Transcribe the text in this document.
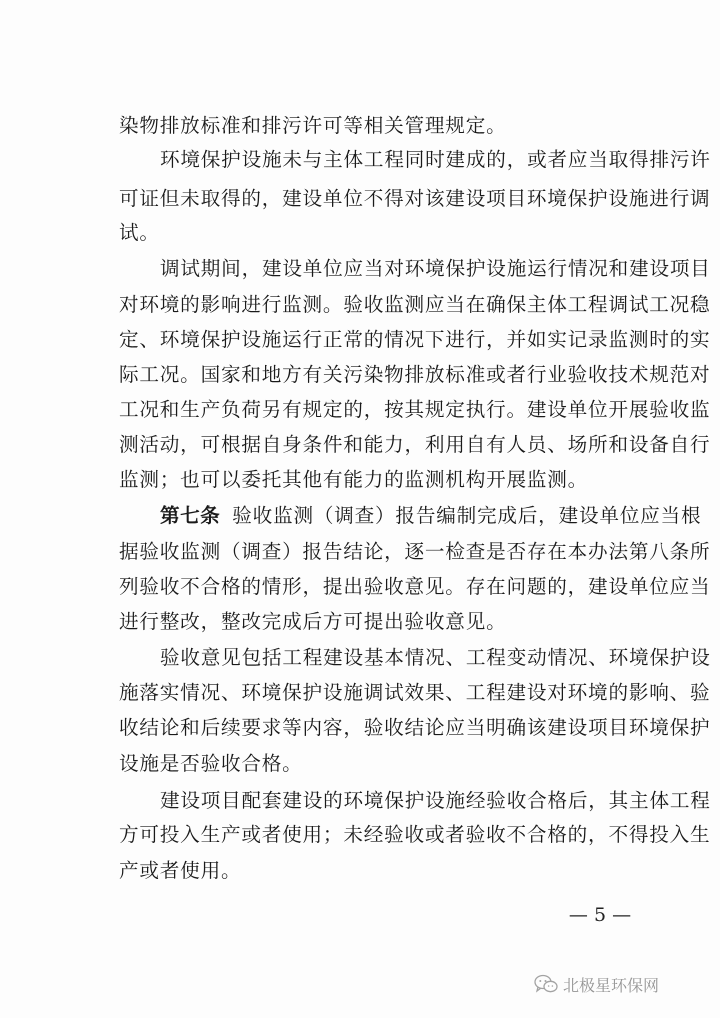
染物排放标准和排污许可等相关管理规定。
环境保护设施未与主体工程同时建成的，或者应当取得排污许
可证但未取得的，建设单位不得对该建设项目环境保护设施进行调
试。
调试期间，建设单位应当对环境保护设施运行情况和建设项目
对环境的影响进行监测。验收监测应当在确保主体工程调试工况稳
定、环境保护设施运行正常的情况下进行，并如实记录监测时的实
际工况。国家和地方有关污染物排放标准或者行业验收技术规范对
工况和生产负荷另有规定的，按其规定执行。建设单位开展验收监
测活动，可根据自身条件和能力，利用自有人员、场所和设备自行
监测；也可以委托其他有能力的监测机构开展监测。
第七条 验收监测（调查）报告编制完成后，建设单位应当根
据验收监测（调查）报告结论，逐一检查是否存在本办法第八条所
列验收不合格的情形，提出验收意见。存在问题的，建设单位应当
进行整改，整改完成后方可提出验收意见。
验收意见包括工程建设基本情况、工程变动情况、环境保护设
施落实情况、环境保护设施调试效果、工程建设对环境的影响、验
收结论和后续要求等内容，验收结论应当明确该建设项目环境保护
设施是否验收合格。
建设项目配套建设的环境保护设施经验收合格后，其主体工程
方可投入生产或者使用；未经验收或者验收不合格的，不得投入生
产或者使用。
— 5 —
北极星环保网
